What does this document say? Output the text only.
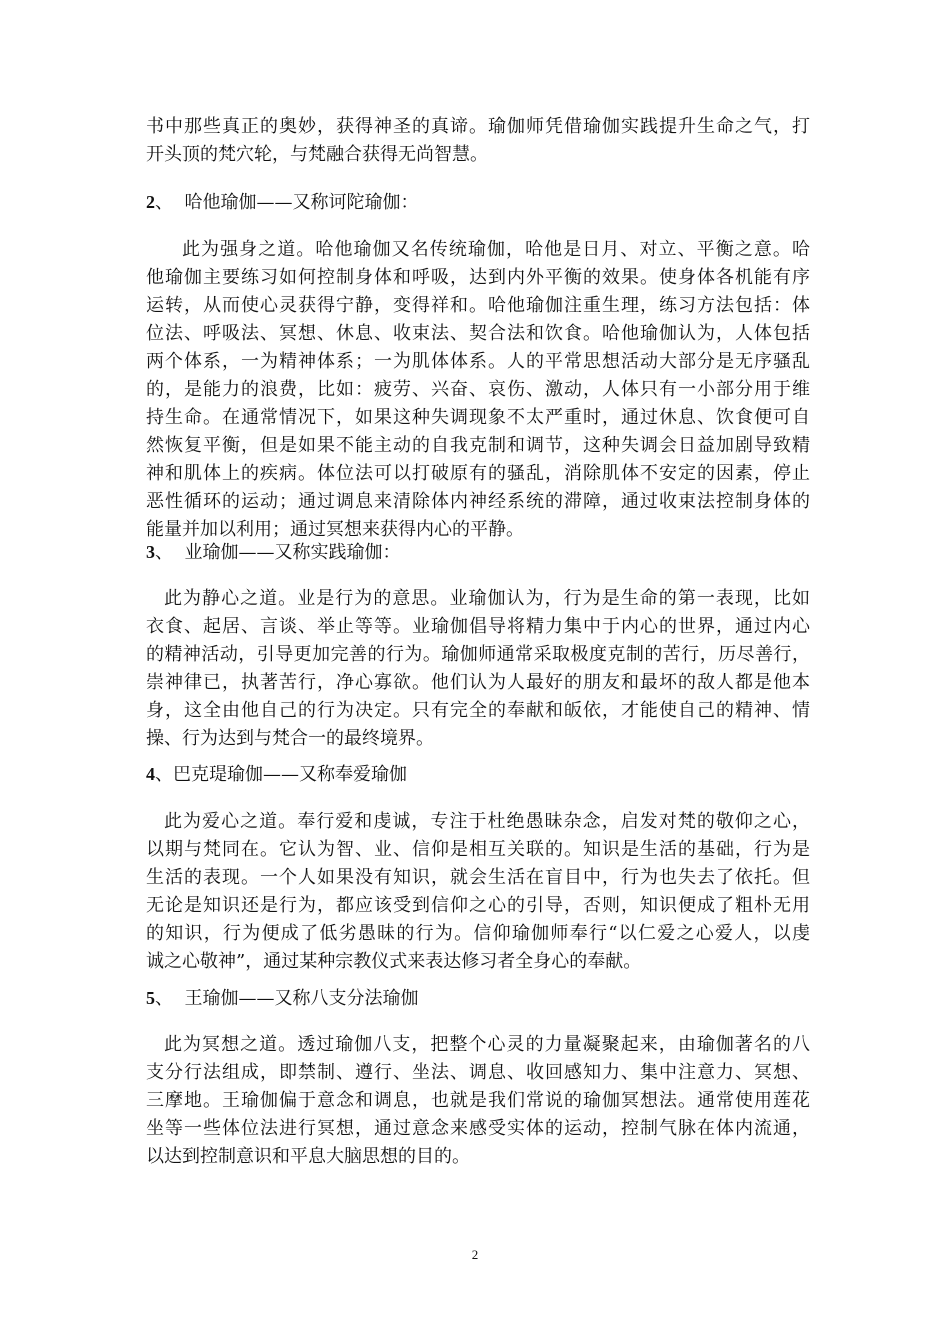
书中那些真正的奥妙，获得神圣的真谛。瑜伽师凭借瑜伽实践提升生命之气，打
开头顶的梵穴轮，与梵融合获得无尚智慧。
2、 哈他瑜伽——又称诃陀瑜伽：
此为强身之道。哈他瑜伽又名传统瑜伽，哈他是日月、对立、平衡之意。哈
他瑜伽主要练习如何控制身体和呼吸，达到内外平衡的效果。使身体各机能有序
运转，从而使心灵获得宁静，变得祥和。哈他瑜伽注重生理，练习方法包括：体
位法、呼吸法、冥想、休息、收束法、契合法和饮食。哈他瑜伽认为，人体包括
两个体系，一为精神体系；一为肌体体系。人的平常思想活动大部分是无序骚乱
的，是能力的浪费，比如：疲劳、兴奋、哀伤、激动，人体只有一小部分用于维
持生命。在通常情况下，如果这种失调现象不太严重时，通过休息、饮食便可自
然恢复平衡，但是如果不能主动的自我克制和调节，这种失调会日益加剧导致精
神和肌体上的疾病。体位法可以打破原有的骚乱，消除肌体不安定的因素，停止
恶性循环的运动；通过调息来清除体内神经系统的滞障，通过收束法控制身体的
能量并加以利用；通过冥想来获得内心的平静。
3、 业瑜伽——又称实践瑜伽：
此为静心之道。业是行为的意思。业瑜伽认为，行为是生命的第一表现，比如
衣食、起居、言谈、举止等等。业瑜伽倡导将精力集中于内心的世界，通过内心
的精神活动，引导更加完善的行为。瑜伽师通常采取极度克制的苦行，历尽善行，
崇神律已，执著苦行，净心寡欲。他们认为人最好的朋友和最坏的敌人都是他本
身，这全由他自己的行为决定。只有完全的奉献和皈依，才能使自己的精神、情
操、行为达到与梵合一的最终境界。
4、巴克瑅瑜伽——又称奉爱瑜伽
此为爱心之道。奉行爱和虔诚，专注于杜绝愚昧杂念，启发对梵的敬仰之心，
以期与梵同在。它认为智、业、信仰是相互关联的。知识是生活的基础，行为是
生活的表现。一个人如果没有知识，就会生活在盲目中，行为也失去了依托。但
无论是知识还是行为，都应该受到信仰之心的引导，否则，知识便成了粗朴无用
的知识，行为便成了低劣愚昧的行为。信仰瑜伽师奉行“以仁爱之心爱人，以虔
诚之心敬神”，通过某种宗教仪式来表达修习者全身心的奉献。
5、 王瑜伽——又称八支分法瑜伽
此为冥想之道。透过瑜伽八支，把整个心灵的力量凝聚起来，由瑜伽著名的八
支分行法组成，即禁制、遵行、坐法、调息、收回感知力、集中注意力、冥想、
三摩地。王瑜伽偏于意念和调息，也就是我们常说的瑜伽冥想法。通常使用莲花
坐等一些体位法进行冥想，通过意念来感受实体的运动，控制气脉在体内流通，
以达到控制意识和平息大脑思想的目的。
2
